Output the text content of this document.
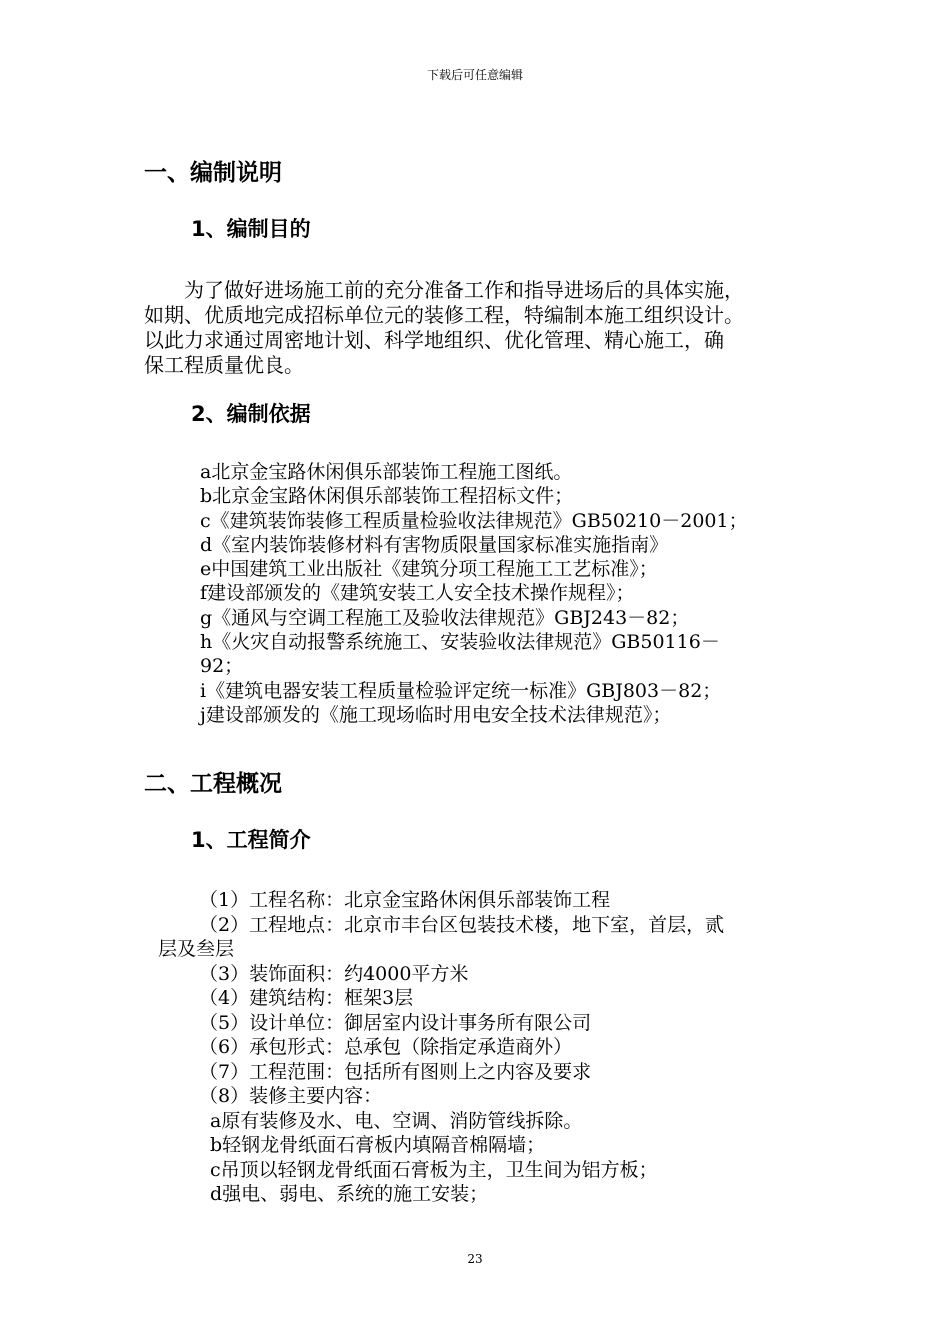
下载后可任意编辑
一、编制说明
1、编制目的
　　为了做好进场施工前的充分准备工作和指导进场后的具体实施，
如期、优质地完成招标单位元的装修工程，特编制本施工组织设计。
以此力求通过周密地计划、科学地组织、优化管理、精心施工，确
保工程质量优良。
2、编制依据
a北京金宝路休闲俱乐部装饰工程施工图纸。
b北京金宝路休闲俱乐部装饰工程招标文件；
c《建筑装饰装修工程质量检验收法律规范》GB50210－2001；
d《室内装饰装修材料有害物质限量国家标准实施指南》
e中国建筑工业出版社《建筑分项工程施工工艺标准》；
f建设部颁发的《建筑安装工人安全技术操作规程》；
g《通风与空调工程施工及验收法律规范》GBJ243－82；
h《火灾自动报警系统施工、安装验收法律规范》GB50116－
92；
i《建筑电器安装工程质量检验评定统一标准》GBJ803－82；
j建设部颁发的《施工现场临时用电安全技术法律规范》；
二、工程概况
1、工程简介
（1）工程名称：北京金宝路休闲俱乐部装饰工程
（2）工程地点：北京市丰台区包装技术楼，地下室，首层，贰
层及叁层
（3）装饰面积：约4000平方米
（4）建筑结构：框架3层
（5）设计单位：御居室内设计事务所有限公司
（6）承包形式：总承包（除指定承造商外）
（7）工程范围：包括所有图则上之内容及要求
（8）装修主要内容：
a原有装修及水、电、空调、消防管线拆除。
b轻钢龙骨纸面石膏板内填隔音棉隔墙；
c吊顶以轻钢龙骨纸面石膏板为主，卫生间为铝方板；
d强电、弱电、系统的施工安装；
23
